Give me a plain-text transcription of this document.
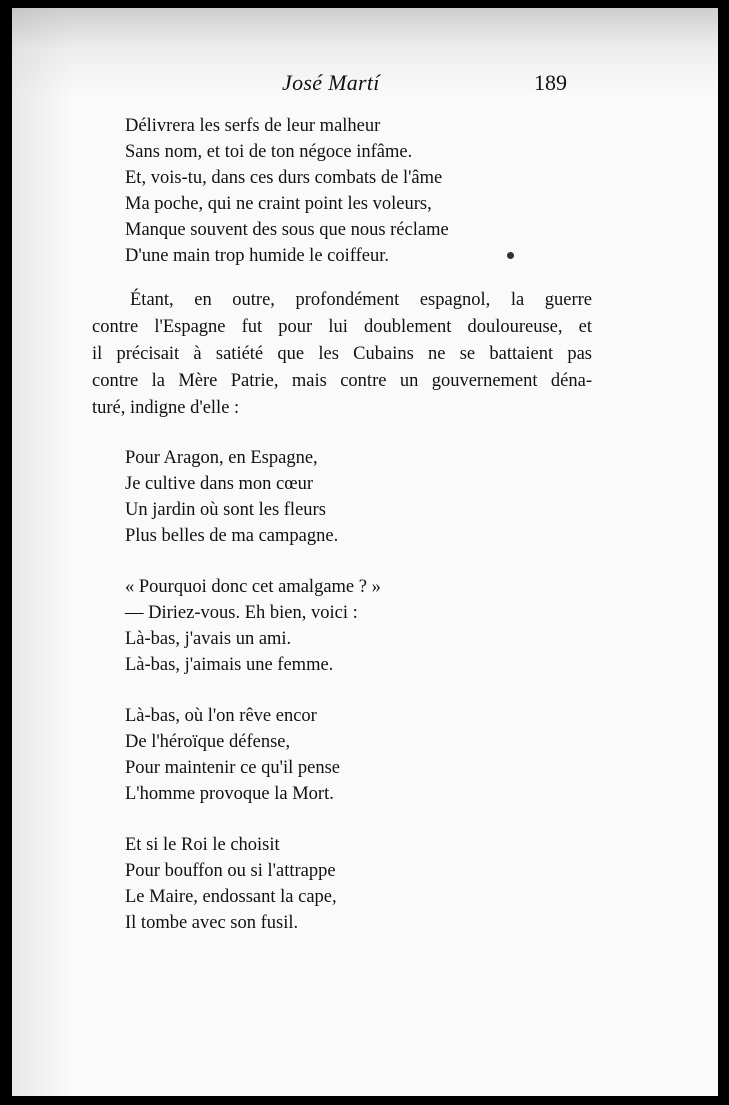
José Martí	189
Délivrera les serfs de leur malheur
Sans nom, et toi de ton négoce infâme.
Et, vois-tu, dans ces durs combats de l'âme
Ma poche, qui ne craint point les voleurs,
Manque souvent des sous que nous réclame
D'une main trop humide le coiffeur.
Étant, en outre, profondément espagnol, la guerre
contre l'Espagne fut pour lui doublement douloureuse, et
il précisait à satiété que les Cubains ne se battaient pas
contre la Mère Patrie, mais contre un gouvernement déna-
turé, indigne d'elle :
Pour Aragon, en Espagne,
Je cultive dans mon cœur
Un jardin où sont les fleurs
Plus belles de ma campagne.
« Pourquoi donc cet amalgame ? »
— Diriez-vous. Eh bien, voici :
Là-bas, j'avais un ami.
Là-bas, j'aimais une femme.
Là-bas, où l'on rêve encor
De l'héroïque défense,
Pour maintenir ce qu'il pense
L'homme provoque la Mort.
Et si le Roi le choisit
Pour bouffon ou si l'attrappe
Le Maire, endossant la cape,
Il tombe avec son fusil.
